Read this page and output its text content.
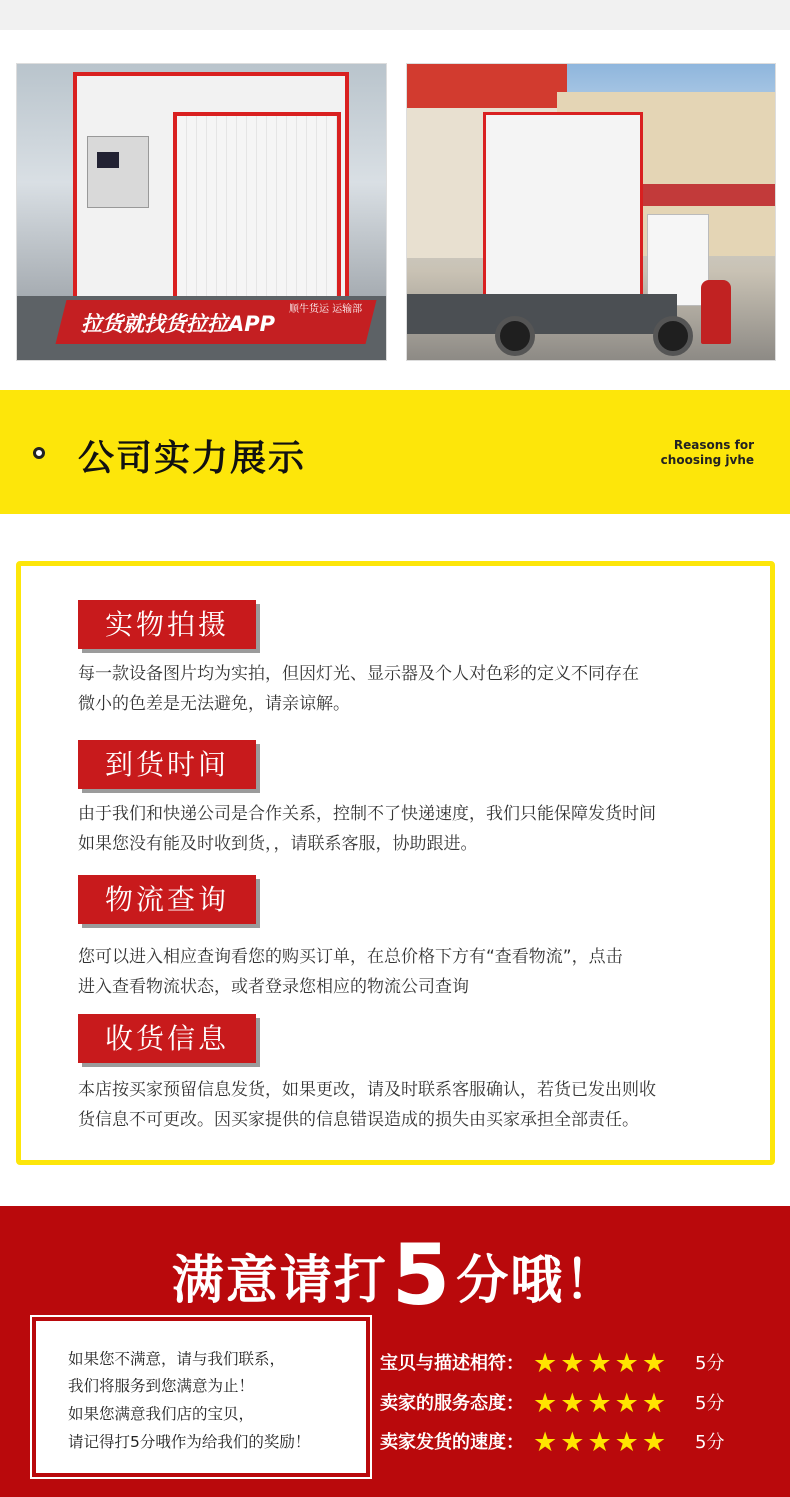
拉货就找货拉拉APP
顺牛货运 运输部
公司实力展示	Reasons for
choosing jvhe
实物拍摄
每一款设备图片均为实拍，但因灯光、显示器及个人对色彩的定义不同存在
微小的色差是无法避免，请亲谅解。
到货时间
由于我们和快递公司是合作关系，控制不了快递速度，我们只能保障发货时间
如果您没有能及时收到货，，请联系客服，协助跟进。
物流查询
您可以进入相应查询看您的购买订单，在总价格下方有“查看物流”，点击
进入查看物流状态，或者登录您相应的物流公司查询
收货信息
本店按买家预留信息发货，如果更改，请及时联系客服确认，若货已发出则收
货信息不可更改。因买家提供的信息错误造成的损失由买家承担全部责任。
满意请打5分哦！
如果您不满意，请与我们联系，
我们将服务到您满意为止！
如果您满意我们店的宝贝，
请记得打5分哦作为给我们的奖励！
宝贝与描述相符： ★ ★ ★ ★ ★ 5分
卖家的服务态度： ★ ★ ★ ★ ★ 5分
卖家发货的速度： ★ ★ ★ ★ ★ 5分
